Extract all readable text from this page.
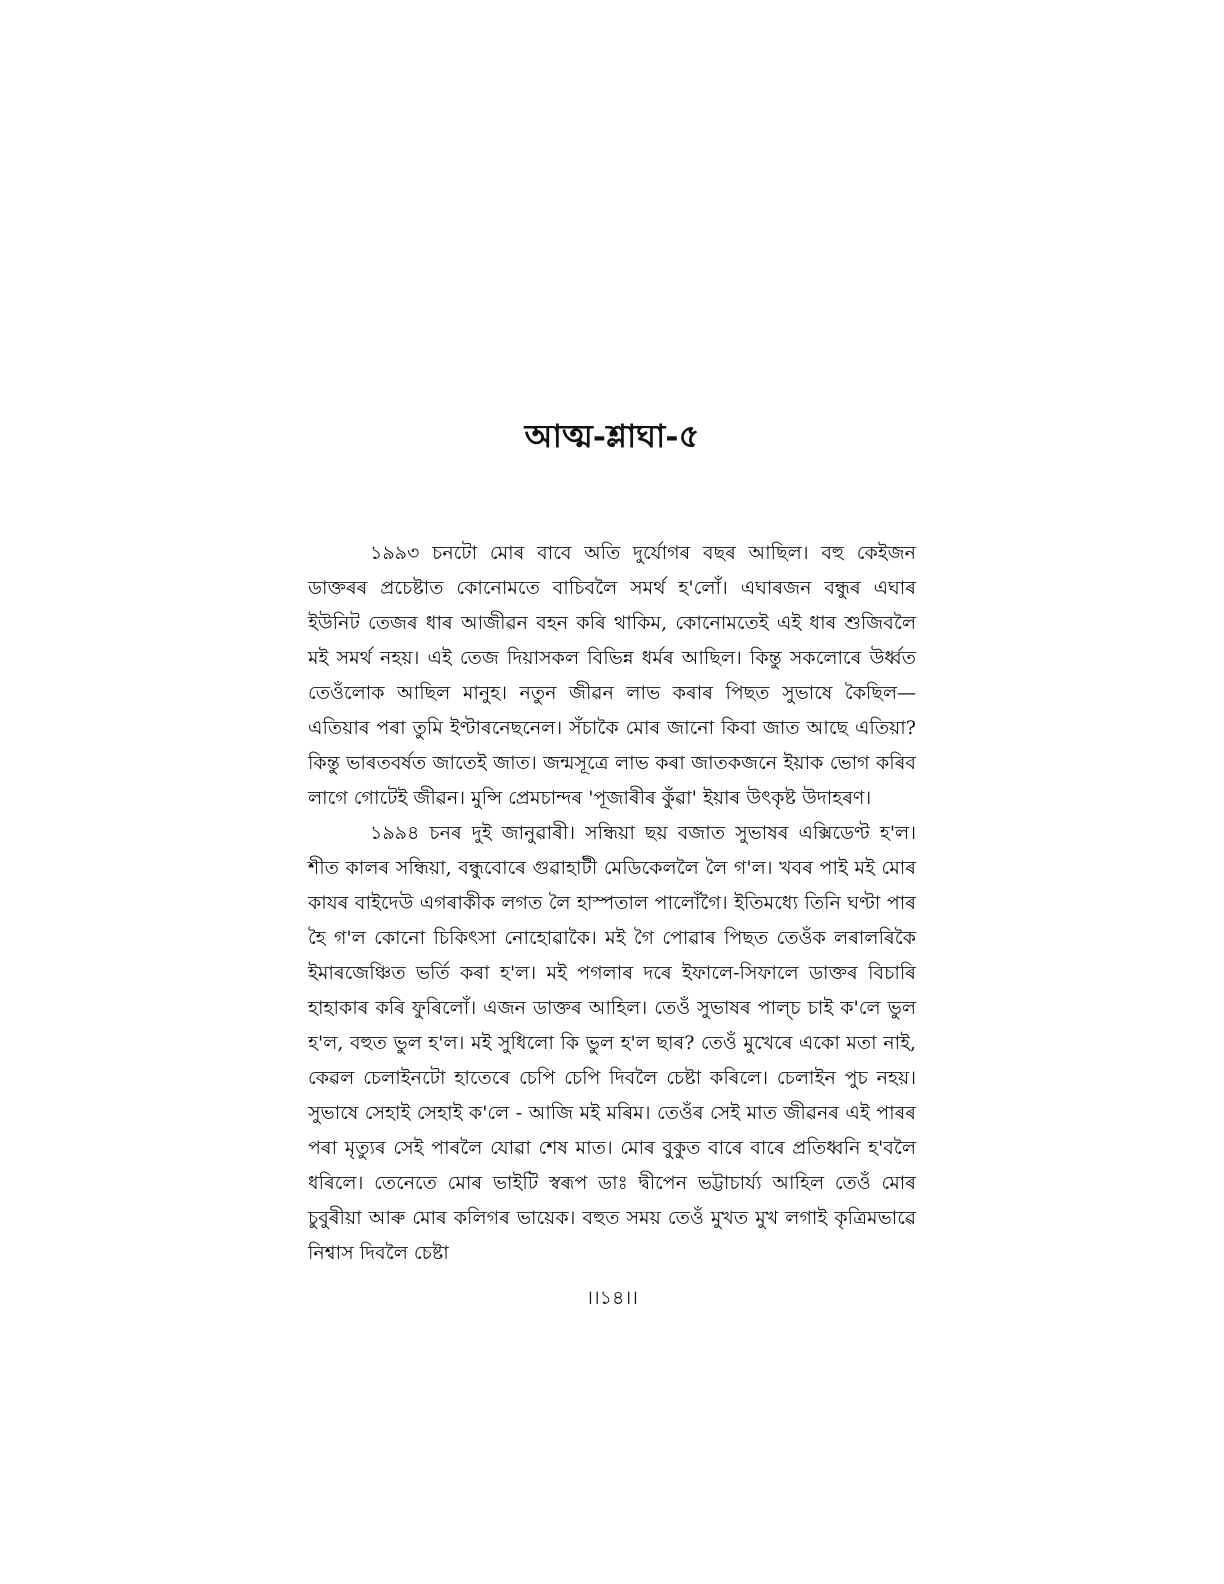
আত্ম-শ্লাঘা-৫

১৯৯৩ চনটো মোৰ বাবে অতি দুৰ্যোগৰ বছৰ আছিল। বহু কেইজন ডাক্তৰৰ প্ৰচেষ্টাত কোনোমতে বাচিবলৈ সমৰ্থ হ'লোঁ। এঘাৰজন বন্ধুৰ এঘাৰ ইউনিট তেজৰ ধাৰ আজীৱন বহন কৰি থাকিম, কোনোমতেই এই ধাৰ শুজিবলৈ মই সমৰ্থ নহয়। এই তেজ দিয়াসকল বিভিন্ন ধৰ্মৰ আছিল। কিন্তু সকলোৰে উৰ্ধ্বত তেওঁলোক আছিল মানুহ। নতুন জীৱন লাভ কৰাৰ পিছত সুভাষে কৈছিল— এতিয়াৰ পৰা তুমি ইণ্টাৰনেছনেল। সঁচাকৈ মোৰ জানো কিবা জাত আছে এতিয়া? কিন্তু ভাৰতবৰ্ষত জাতেই জাত। জন্মসূত্ৰে লাভ কৰা জাতকজনে ইয়াক ভোগ কৰিব লাগে গোটেই জীৱন। মুন্সি প্ৰেমচান্দৰ 'পূজাৰীৰ কুঁৱা' ইয়াৰ উৎকৃষ্ট উদাহৰণ।

১৯৯৪ চনৰ দুই জানুৱাৰী। সন্ধিয়া ছয় বজাত সুভাষৰ এক্সিডেণ্ট হ'ল। শীত কালৰ সন্ধিয়া, বন্ধুবোৰে গুৱাহাটী মেডিকেললৈ লৈ গ'ল। খবৰ পাই মই মোৰ কাযৰ বাইদেউ এগৰাকীক লগত লৈ হাস্পতাল পালোঁগৈ। ইতিমধ্যে তিনি ঘণ্টা পাৰ হৈ গ'ল কোনো চিকিৎসা নোহোৱাকৈ। মই গৈ পোৱাৰ পিছত তেওঁক লৰালৰিকৈ ইমাৰজেঞ্চিত ভৰ্তি কৰা হ'ল। মই পগলাৰ দৰে ইফালে-সিফালে ডাক্তৰ বিচাৰি হাহাকাৰ কৰি ফুৰিলোঁ। এজন ডাক্তৰ আহিল। তেওঁ সুভাষৰ পাল্চ চাই ক'লে ভুল হ'ল, বহুত ভুল হ'ল। মই সুধিলো কি ভুল হ'ল ছাৰ? তেওঁ মুখেৰে একো মতা নাই, কেৱল চেলাইনটো হাতেৰে চেপি চেপি দিবলৈ চেষ্টা কৰিলে। চেলাইন পুচ নহয়। সুভাষে সেহাই সেহাই ক'লে - আজি মই মৰিম। তেওঁৰ সেই মাত জীৱনৰ এই পাৰৰ পৰা মৃত্যুৰ সেই পাৰলৈ যোৱা শেষ মাত। মোৰ বুকুত বাৰে বাৰে প্ৰতিধ্বনি হ'বলৈ ধৰিলে। তেনেতে মোৰ ভাইটি স্বৰূপ ডাঃ দ্বীপেন ভট্টাচাৰ্য্য আহিল তেওঁ মোৰ চুবুৰীয়া আৰু মোৰ কলিগৰ ভায়েক। বহুত সময় তেওঁ মুখত মুখ লগাই কৃত্ৰিমভাৱে নিশ্বাস দিবলৈ চেষ্টা

।।১৪।।
